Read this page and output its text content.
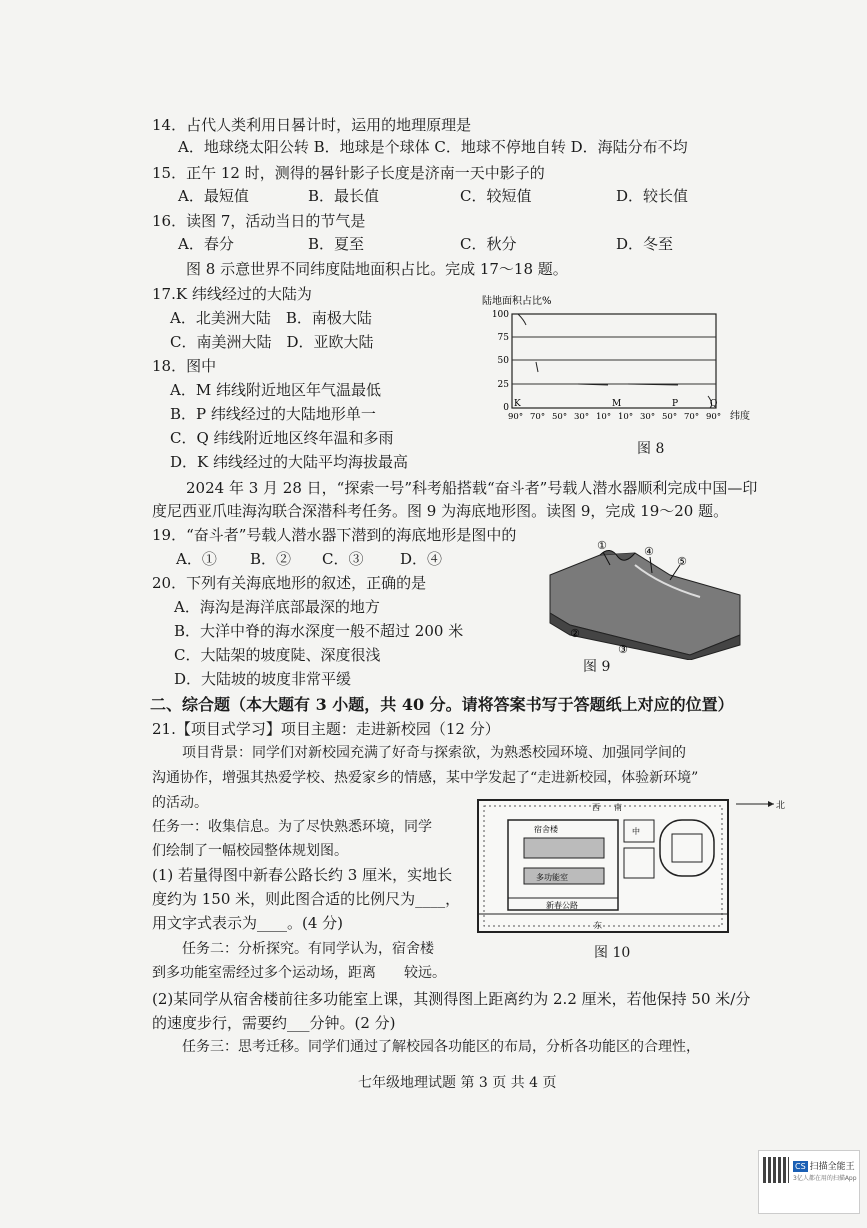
14．占代人类利用日晷计时，运用的地理原理是
A．地球绕太阳公转 B．地球是个球体 C．地球不停地自转 D．海陆分布不均
15．正午 12 时，测得的晷针影子长度是济南一天中影子的
A．最短值	B．最长值	C．较短值	D．较长值
16．读图 7，活动当日的节气是
A．春分	B．夏至	C．秋分	D．冬至
图 8 示意世界不同纬度陆地面积占比。完成 17～18 题。
17.K 纬线经过的大陆为
A．北美洲大陆　B．南极大陆
C．南美洲大陆　D．亚欧大陆
18．图中
A．M 纬线附近地区年气温最低
B．P 纬线经过的大陆地形单一
C．Q 纬线附近地区终年温和多雨
D．K 纬线经过的大陆平均海拔最高
陆地面积占比%
100
75
50
25
0 K	M	P	Q
90° 70° 50° 30° 10° 10° 30° 50° 70° 90° 纬度
图 8
2024 年 3 月 28 日，“探索一号”科考船搭载“奋斗者”号载人潜水器顺利完成中国—印
度尼西亚爪哇海沟联合深潜科考任务。图 9 为海底地形图。读图 9，完成 19～20 题。
19．“奋斗者”号载人潜水器下潜到的海底地形是图中的
A．① B．② C．③ D．④
20．下列有关海底地形的叙述，正确的是
A．海沟是海洋底部最深的地方
B．大洋中脊的海水深度一般不超过 200 米
C．大陆架的坡度陡、深度很浅
D．大陆坡的坡度非常平缓
①
②
③
④
⑤
图 9
二、综合题（本大题有 3 小题，共 40 分。请将答案书写于答题纸上对应的位置）
21.【项目式学习】项目主题：走进新校园（12 分）
项目背景：同学们对新校园充满了好奇与探索欲，为熟悉校园环境、加强同学间的
沟通协作，增强其热爱学校、热爱家乡的情感，某中学发起了“走进新校园，体验新环境”
的活动。
任务一：收集信息。为了尽快熟悉环境，同学
们绘制了一幅校园整体规划图。
(1) 若量得图中新春公路长约 3 厘米，实地长
度约为 150 米，则此图合适的比例尺为____，
用文字式表示为____。(4 分)
西 南
宿舍楼	中
多功能室
新春公路
东
北
图 10
任务二：分析探究。有同学认为，宿舍楼
到多功能室需经过多个运动场，距离　　较远。
(2)某同学从宿舍楼前往多功能室上课，其测得图上距离约为 2.2 厘米，若他保持 50 米/分
的速度步行，需要约___分钟。(2 分)
任务三：思考迁移。同学们通过了解校园各功能区的布局，分析各功能区的合理性，
七年级地理试题 第 3 页 共 4 页
CS 扫描全能王
3亿人都在用的扫描App
